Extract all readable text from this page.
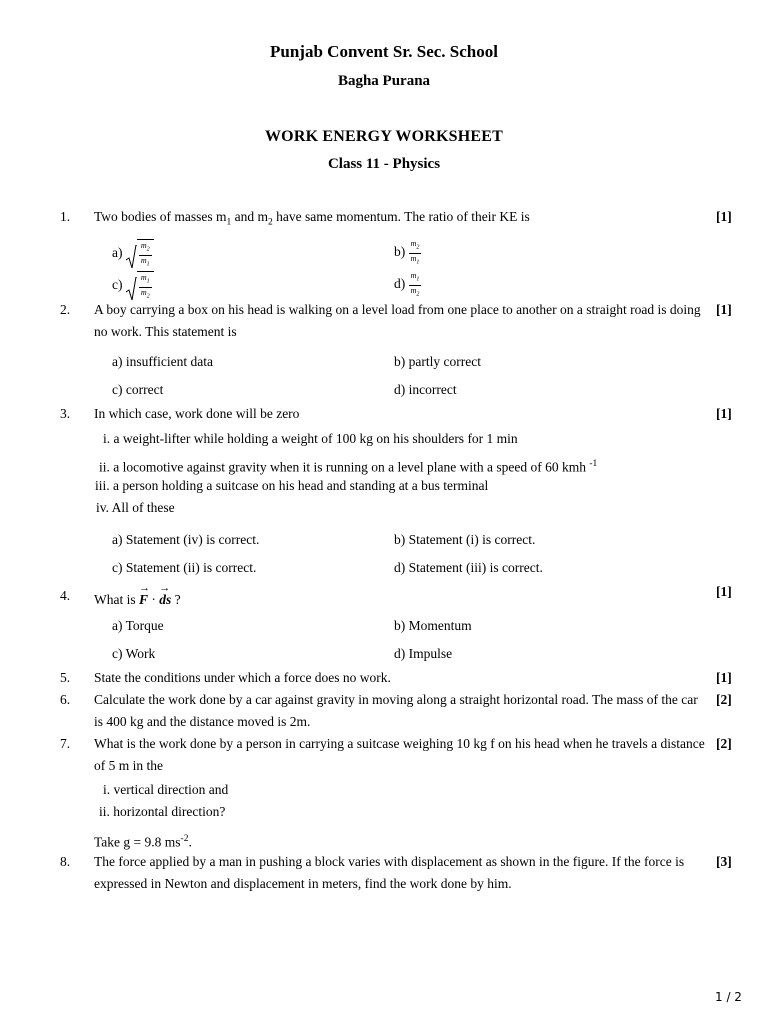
Punjab Convent Sr. Sec. School
Bagha Purana
WORK ENERGY WORKSHEET
Class 11 - Physics
1. Two bodies of masses $m_1$ and $m_2$ have same momentum. The ratio of their KE is	[1]
$a) \frac{m_2}{m_1}$	$b) \frac{m_2}{m_1}$
$c) \frac{m_1}{m_2}$	$d) \frac{m_1}{m_2}$
2. A boy carrying a box on his head is walking on a level load from one place to another on a straight road is doing no work. This statement is
[1]
a) insufficient data	b) partly correct
c) correct	d) incorrect
3. In which case, work done will be zero	[1]
i. a weight-lifter while holding a weight of 100 kg on his shoulders for 1 min
ii. a locomotive against gravity when it is running on a level plane with a speed of 60 kmh $^{-1}$
iii. a person holding a suitcase on his head and standing at a bus terminal
iv. All of these
a) Statement (iv) is correct.	b) Statement (i) is correct.
c) Statement (ii) is correct.	d) Statement (iii) is correct.
4. What is → F · → ds ?
[1]
a) Torque	b) Momentum
c) Work	d) Impulse
5. State the conditions under which a force does no work.	[1]
6. Calculate the work done by a car against gravity in moving along a straight horizontal road. The mass of the car is 400 kg and the distance moved is 2m.
[2]
7. What is the work done by a person in carrying a suitcase weighing 10 kg f on his head when he travels a distance of 5 m in the
[2]
i. vertical direction and
ii. horizontal direction?
Take g = 9.8 $ms^{-2}$.
8. The force applied by a man in pushing a block varies with displacement as shown in the figure. If the force is expressed in Newton and displacement in meters, find the work done by him.
[3]
1 / 2
